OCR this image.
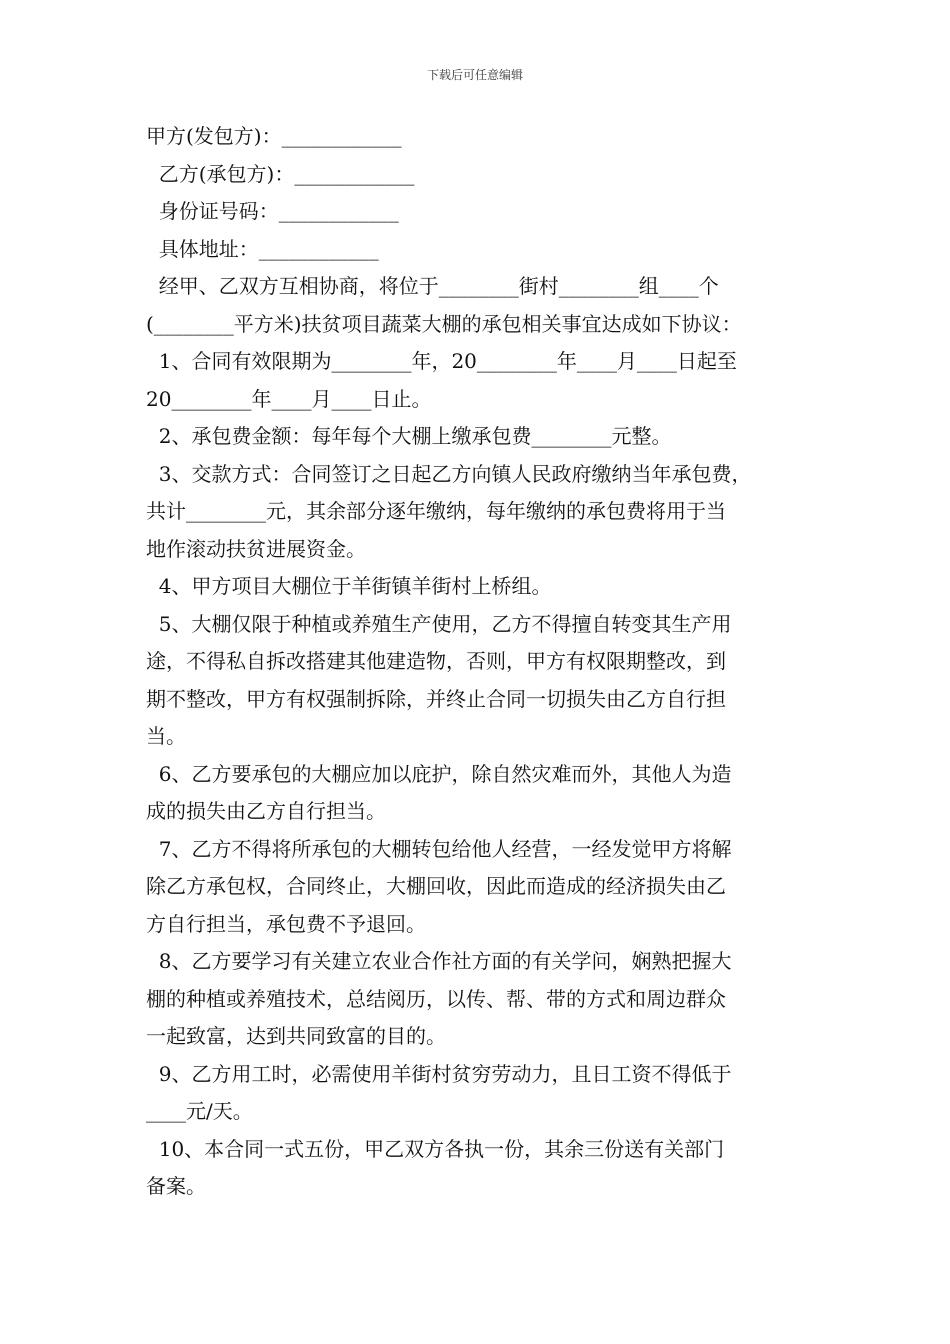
下载后可任意编辑
甲方(发包方)：____________
乙方(承包方)：____________
身份证号码：____________
具体地址：____________
经甲、乙双方互相协商，将位于________街村________组____个
(________平方米)扶贫项目蔬菜大棚的承包相关事宜达成如下协议：
1、合同有效限期为________年，20________年____月____日起至
20________年____月____日止。
2、承包费金额：每年每个大棚上缴承包费________元整。
3、交款方式：合同签订之日起乙方向镇人民政府缴纳当年承包费，
共计________元，其余部分逐年缴纳，每年缴纳的承包费将用于当
地作滚动扶贫进展资金。
4、甲方项目大棚位于羊街镇羊街村上桥组。
5、大棚仅限于种植或养殖生产使用，乙方不得擅自转变其生产用
途，不得私自拆改搭建其他建造物，否则，甲方有权限期整改，到
期不整改，甲方有权强制拆除，并终止合同一切损失由乙方自行担
当。
6、乙方要承包的大棚应加以庇护，除自然灾难而外，其他人为造
成的损失由乙方自行担当。
7、乙方不得将所承包的大棚转包给他人经营，一经发觉甲方将解
除乙方承包权，合同终止，大棚回收，因此而造成的经济损失由乙
方自行担当，承包费不予退回。
8、乙方要学习有关建立农业合作社方面的有关学问，娴熟把握大
棚的种植或养殖技术，总结阅历，以传、帮、带的方式和周边群众
一起致富，达到共同致富的目的。
9、乙方用工时，必需使用羊街村贫穷劳动力，且日工资不得低于
____元/天。
10、本合同一式五份，甲乙双方各执一份，其余三份送有关部门
备案。
